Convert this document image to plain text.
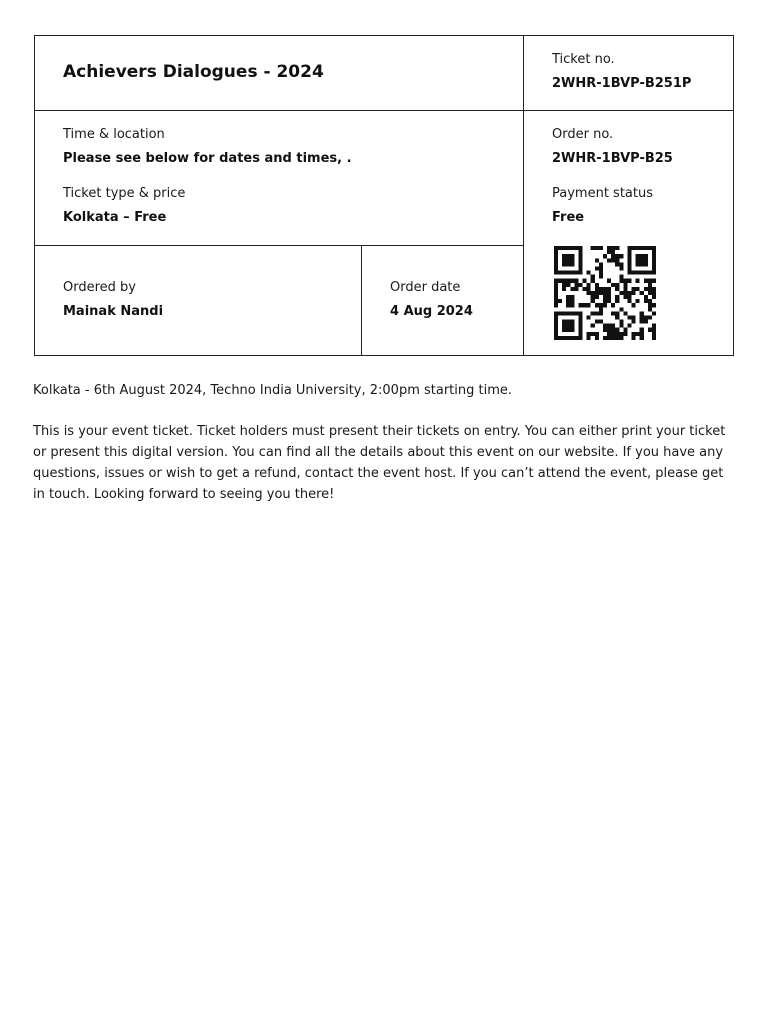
Achievers Dialogues - 2024
Ticket no.
2WHR-1BVP-B251P
Time & location
Please see below for dates and times, .
Order no.
2WHR-1BVP-B25
Ticket type & price
Kolkata – Free
Payment status
Free
Ordered by
Mainak Nandi
Order date
4 Aug 2024
Kolkata - 6th August 2024, Techno India University, 2:00pm starting time.
This is your event ticket. Ticket holders must present their tickets on entry. You can either print your ticket or present this digital version. You can find all the details about this event on our website. If you have any questions, issues or wish to get a refund, contact the event host. If you can’t attend the event, please get in touch. Looking forward to seeing you there!
